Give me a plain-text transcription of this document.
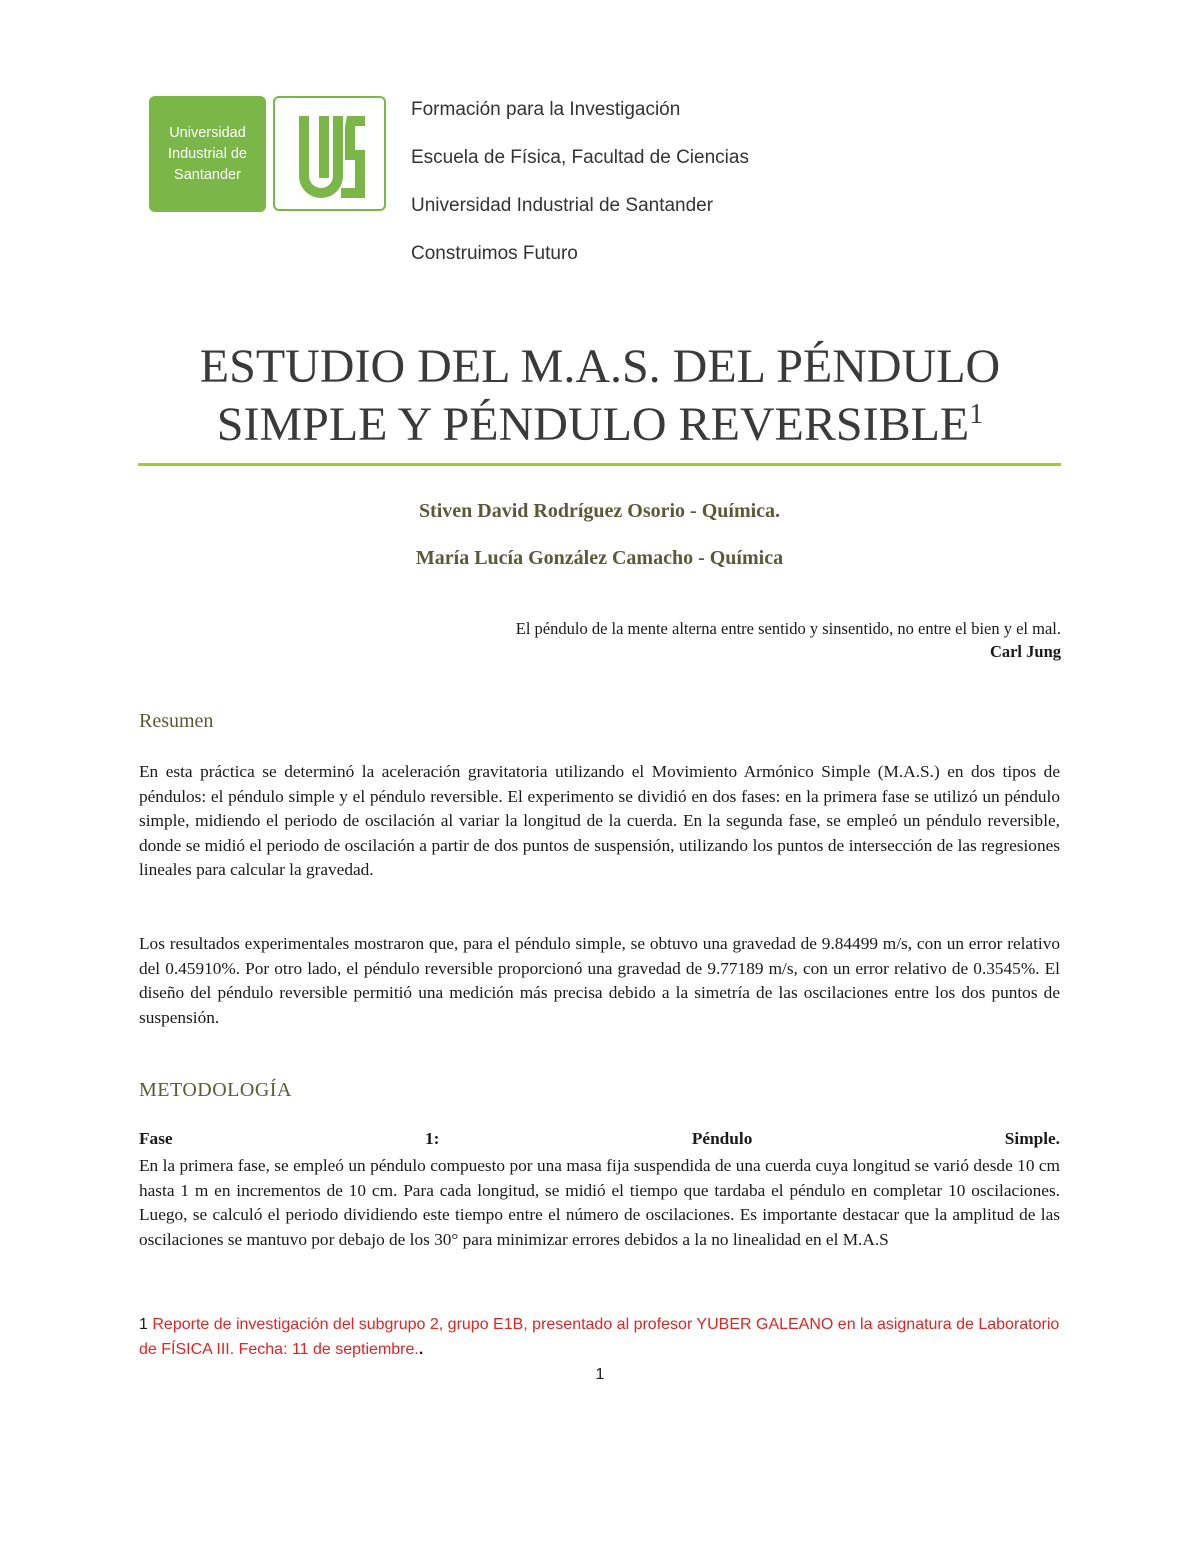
Universidad
Industrial de
Santander
Formación para la Investigación
Escuela de Física, Facultad de Ciencias
Universidad Industrial de Santander
Construimos Futuro
ESTUDIO DEL M.A.S. DEL PÉNDULO
SIMPLE Y PÉNDULO REVERSIBLE$^1$

Stiven David Rodríguez Osorio - Química.

María Lucía González Camacho - Química

El péndulo de la mente alterna entre sentido y sinsentido, no entre el bien y el mal.
Carl Jung

Resumen

En esta práctica se determinó la aceleración gravitatoria utilizando el Movimiento Armónico Simple (M.A.S.) en dos tipos de péndulos: el péndulo simple y el péndulo reversible. El experimento se dividió en dos fases: en la primera fase se utilizó un péndulo simple, midiendo el periodo de oscilación al variar la longitud de la cuerda. En la segunda fase, se empleó un péndulo reversible, donde se midió el periodo de oscilación a partir de dos puntos de suspensión, utilizando los puntos de intersección de las regresiones lineales para calcular la gravedad.

Los resultados experimentales mostraron que, para el péndulo simple, se obtuvo una gravedad de 9.84499 m/s, con un error relativo del 0.45910%. Por otro lado, el péndulo reversible proporcionó una gravedad de 9.77189 m/s, con un error relativo de 0.3545%. El diseño del péndulo reversible permitió una medición más precisa debido a la simetría de las oscilaciones entre los dos puntos de suspensión.

METODOLOGÍA

Fase	1:	Péndulo	Simple.

En la primera fase, se empleó un péndulo compuesto por una masa fija suspendida de una cuerda cuya longitud se varió desde 10 cm hasta 1 m en incrementos de 10 cm. Para cada longitud, se midió el tiempo que tardaba el péndulo en completar 10 oscilaciones. Luego, se calculó el periodo dividiendo este tiempo entre el número de oscilaciones. Es importante destacar que la amplitud de las oscilaciones se mantuvo por debajo de los 30° para minimizar errores debidos a la no linealidad en el M.A.S

1 Reporte de investigación del subgrupo 2, grupo E1B, presentado al profesor YUBER GALEANO en la asignatura de Laboratorio de FÍSICA III. Fecha: 11 de septiembre..

1
